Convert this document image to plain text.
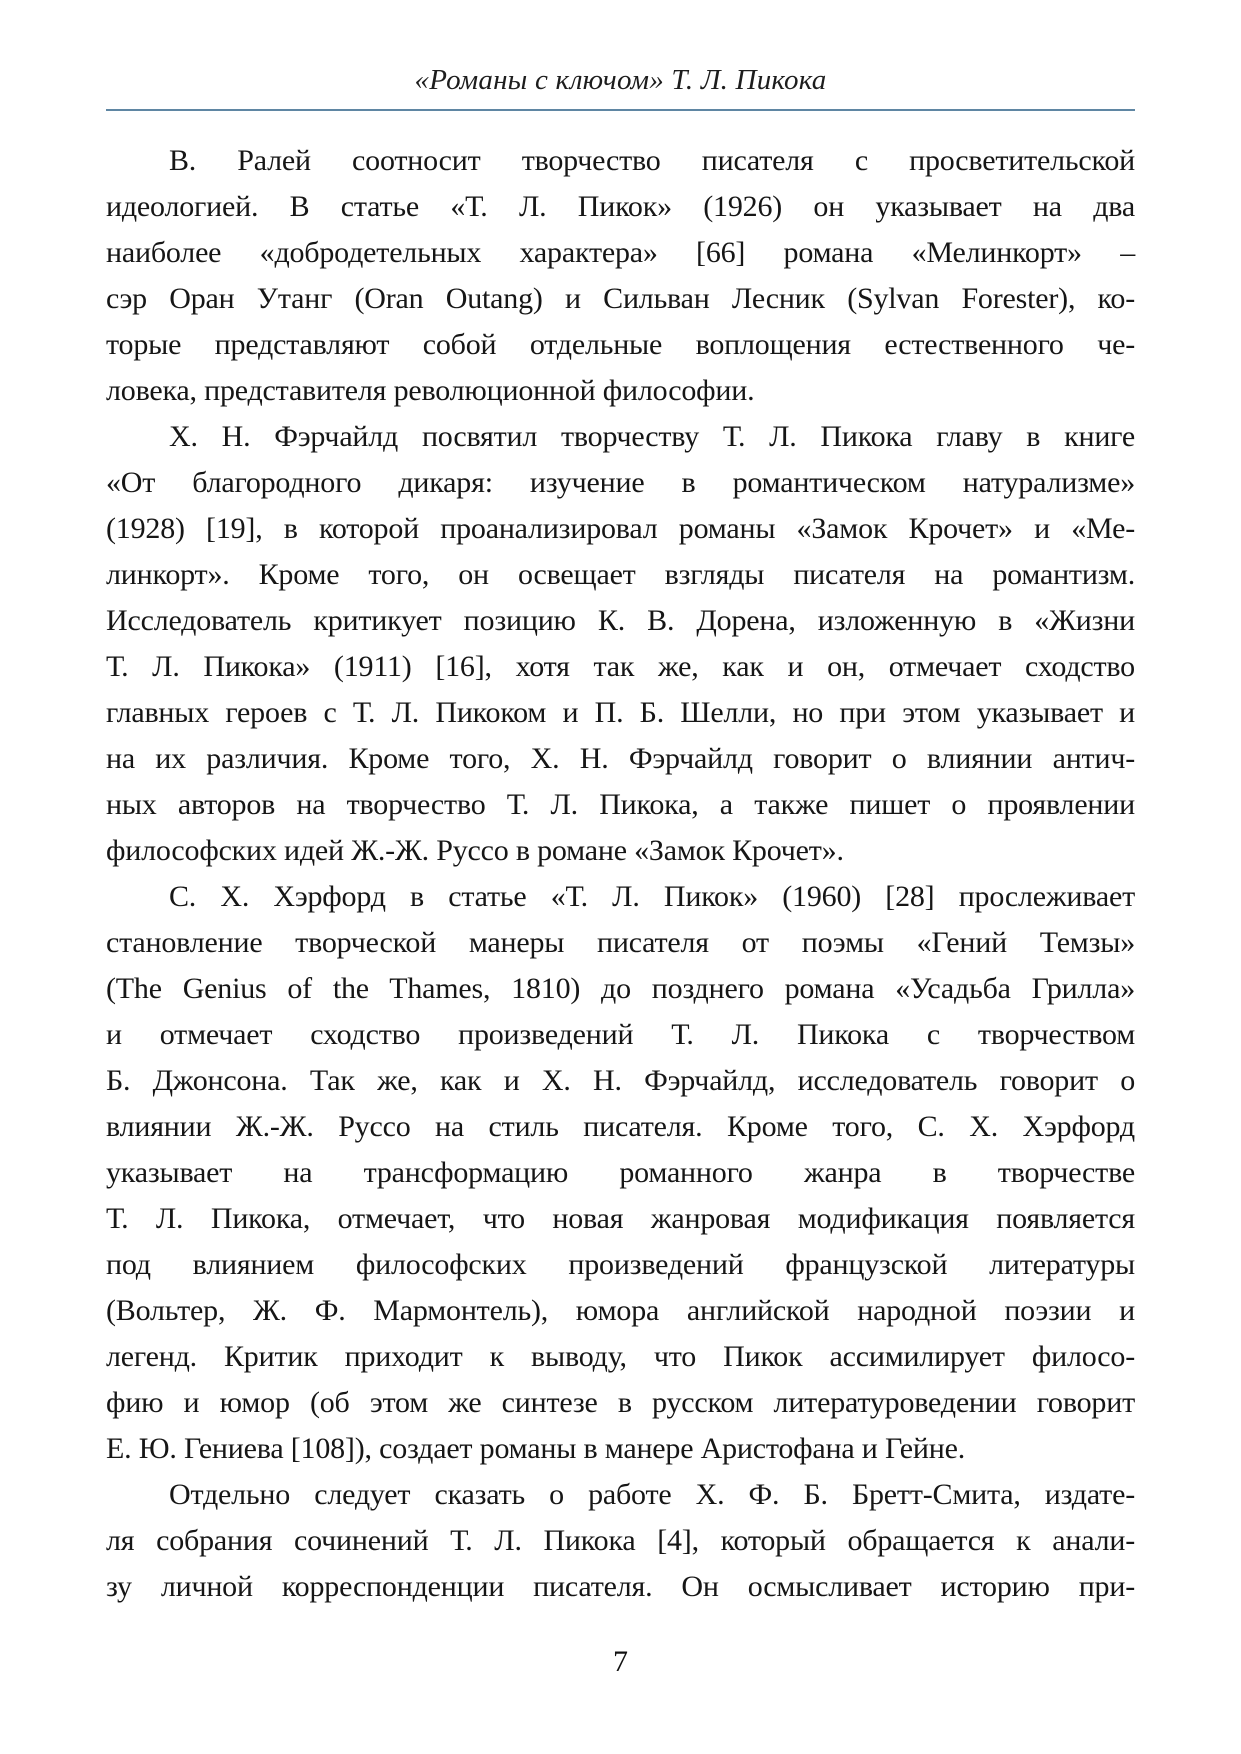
«Романы с ключом» Т. Л. Пикока
В. Ралей соотносит творчество писателя с просветительской
идеологией. В статье «Т. Л. Пикок» (1926) он указывает на два
наиболее «добродетельных характера» [66] романа «Мелинкорт» –
сэр Оран Утанг (Oran Outang) и Сильван Лесник (Sylvan Forester), ко-
торые представляют собой отдельные воплощения естественного че-
ловека, представителя революционной философии.
Х. Н. Фэрчайлд посвятил творчеству Т. Л. Пикока главу в книге
«От благородного дикаря: изучение в романтическом натурализме»
(1928) [19], в которой проанализировал романы «Замок Крочет» и «Ме-
линкорт». Кроме того, он освещает взгляды писателя на романтизм.
Исследователь критикует позицию К. В. Дорена, изложенную в «Жизни
Т. Л. Пикока» (1911) [16], хотя так же, как и он, отмечает сходство
главных героев с Т. Л. Пикоком и П. Б. Шелли, но при этом указывает и
на их различия. Кроме того, Х. Н. Фэрчайлд говорит о влиянии антич-
ных авторов на творчество Т. Л. Пикока, а также пишет о проявлении
философских идей Ж.-Ж. Руссо в романе «Замок Крочет».
С. Х. Хэрфорд в статье «Т. Л. Пикок» (1960) [28] прослеживает
становление творческой манеры писателя от поэмы «Гений Темзы»
(The Genius of the Thames, 1810) до позднего романа «Усадьба Грилла»
и отмечает сходство произведений Т. Л. Пикока с творчеством
Б. Джонсона. Так же, как и Х. Н. Фэрчайлд, исследователь говорит о
влиянии Ж.-Ж. Руссо на стиль писателя. Кроме того, С. Х. Хэрфорд
указывает на трансформацию романного жанра в творчестве
Т. Л. Пикока, отмечает, что новая жанровая модификация появляется
под влиянием философских произведений французской литературы
(Вольтер, Ж. Ф. Мармонтель), юмора английской народной поэзии и
легенд. Критик приходит к выводу, что Пикок ассимилирует филосо-
фию и юмор (об этом же синтезе в русском литературоведении говорит
Е. Ю. Гениева [108]), создает романы в манере Аристофана и Гейне.
Отдельно следует сказать о работе Х. Ф. Б. Бретт-Смита, издате-
ля собрания сочинений Т. Л. Пикока [4], который обращается к анали-
зу личной корреспонденции писателя. Он осмысливает историю при-
7
